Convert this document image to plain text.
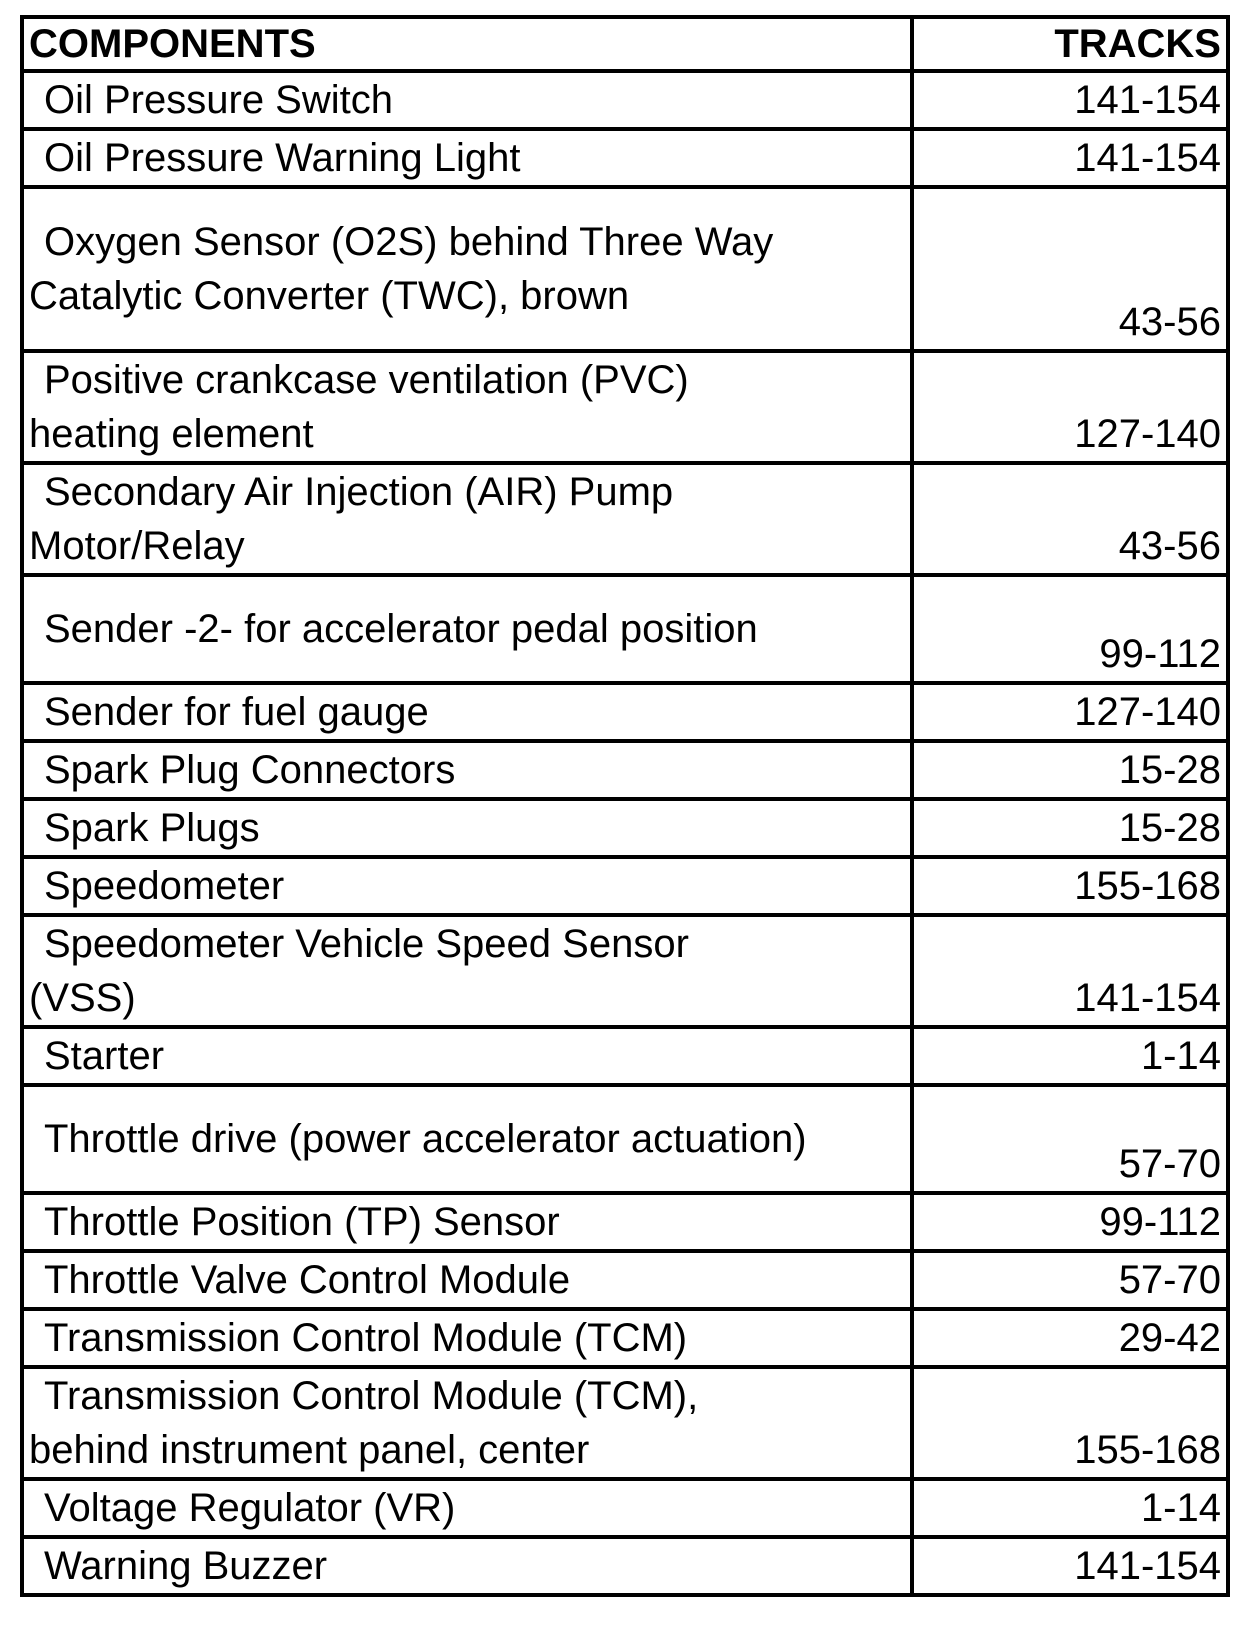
COMPONENTS	TRACKS

Oil Pressure Switch	141-154

Oil Pressure Warning Light	141-154

Oxygen Sensor (O2S) behind Three Way
Catalytic Converter (TWC), brown	43-56

Positive crankcase ventilation (PVC)
heating element	127-140

Secondary Air Injection (AIR) Pump
Motor/Relay	43-56

Sender -2- for accelerator pedal position	99-112

Sender for fuel gauge	127-140

Spark Plug Connectors	15-28

Spark Plugs	15-28

Speedometer	155-168

Speedometer Vehicle Speed Sensor
(VSS)	141-154

Starter	1-14

Throttle drive (power accelerator actuation)	57-70

Throttle Position (TP) Sensor	99-112

Throttle Valve Control Module	57-70

Transmission Control Module (TCM)	29-42

Transmission Control Module (TCM),
behind instrument panel, center	155-168

Voltage Regulator (VR)	1-14

Warning Buzzer	141-154
